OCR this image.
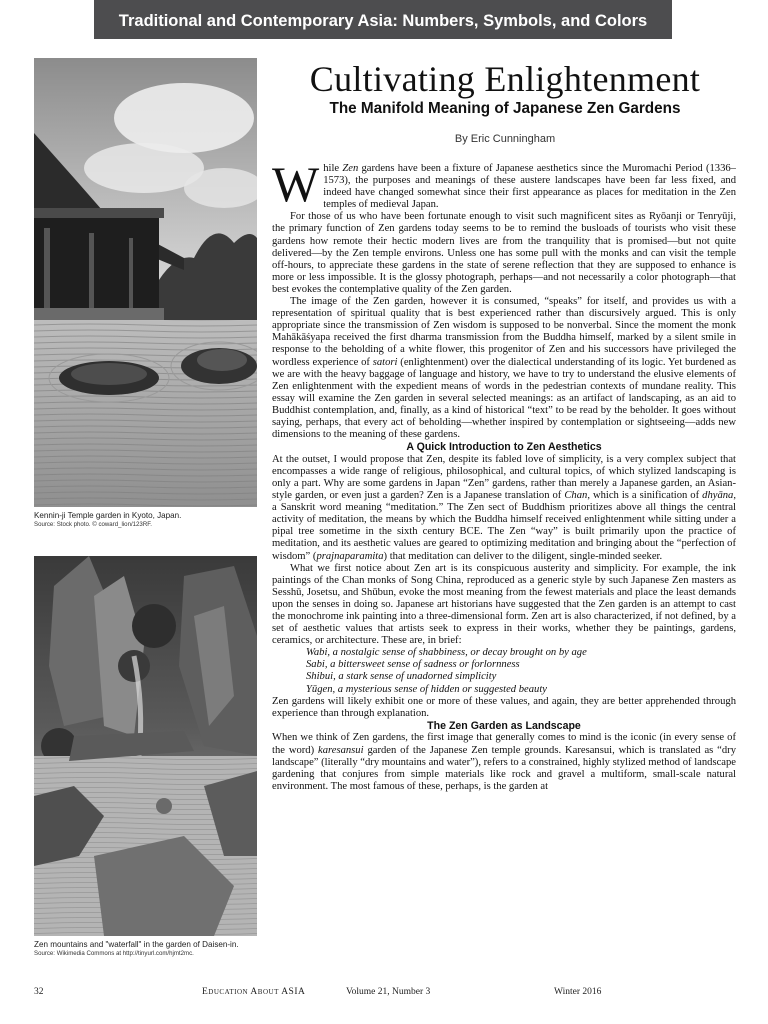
Traditional and Contemporary Asia: Numbers, Symbols, and Colors
Kennin-ji Temple garden in Kyoto, Japan.
Source: Stock photo. © coward_lion/123RF.
Zen mountains and "waterfall" in the garden of Daisen-in.
Source: Wikimedia Commons at http://tinyurl.com/hjmt2mc.
Cultivating Enlightenment
The Manifold Meaning of Japanese Zen Gardens
By Eric Cunningham

While Zen gardens have been a fixture of Japanese aesthetics since the Muromachi Period (1336–1573), the purposes and meanings of these austere landscapes have been far less fixed, and indeed have changed somewhat since their first appearance as places for meditation in the Zen temples of medieval Japan.

For those of us who have been fortunate enough to visit such magnificent sites as Ryōanji or Tenryūji, the primary function of Zen gardens today seems to be to remind the busloads of tourists who visit these gardens how remote their hectic modern lives are from the tranquility that is promised—but not quite delivered—by the Zen temple environs. Unless one has some pull with the monks and can visit the temple off-hours, to appreciate these gardens in the state of serene reflection that they are supposed to enhance is more or less impossible. It is the glossy photograph, perhaps—and not necessarily a color photograph—that best evokes the contemplative quality of the Zen garden.

The image of the Zen garden, however it is consumed, “speaks” for itself, and provides us with a representation of spiritual quality that is best experienced rather than discursively argued. This is only appropriate since the transmission of Zen wisdom is supposed to be nonverbal. Since the moment the monk Mahākāśyapa received the first dharma transmission from the Buddha himself, marked by a silent smile in response to the beholding of a white flower, this progenitor of Zen and his successors have privileged the wordless experience of satori (enlightenment) over the dialectical understanding of its logic. Yet burdened as we are with the heavy baggage of language and history, we have to try to understand the elusive elements of Zen enlightenment with the expedient means of words in the pedestrian contexts of mundane reality. This essay will examine the Zen garden in several selected meanings: as an artifact of landscaping, as an aid to Buddhist contemplation, and, finally, as a kind of historical “text” to be read by the beholder. It goes without saying, perhaps, that every act of beholding—whether inspired by contemplation or sightseeing—adds new dimensions to the meaning of these gardens.

A Quick Introduction to Zen Aesthetics

At the outset, I would propose that Zen, despite its fabled love of simplicity, is a very complex subject that encompasses a wide range of religious, philosophical, and cultural topics, of which stylized landscaping is only a part. Why are some gardens in Japan “Zen” gardens, rather than merely a Japanese garden, an Asian-style garden, or even just a garden? Zen is a Japanese translation of Chan, which is a sinification of dhyāna, a Sanskrit word meaning “meditation.” The Zen sect of Buddhism prioritizes above all things the central activity of meditation, the means by which the Buddha himself received enlightenment while sitting under a pipal tree sometime in the sixth century BCE. The Zen “way” is built primarily upon the practice of meditation, and its aesthetic values are geared to optimizing meditation and bringing about the “perfection of wisdom” (prajnaparamita) that meditation can deliver to the diligent, single-minded seeker.

What we first notice about Zen art is its conspicuous austerity and simplicity. For example, the ink paintings of the Chan monks of Song China, reproduced as a generic style by such Japanese Zen masters as Sesshū, Josetsu, and Shūbun, evoke the most meaning from the fewest materials and place the least demands upon the senses in doing so. Japanese art historians have suggested that the Zen garden is an attempt to cast the monochrome ink painting into a three-dimensional form. Zen art is also characterized, if not defined, by a set of aesthetic values that artists seek to express in their works, whether they be paintings, gardens, ceramics, or architecture. These are, in brief:

Wabi, a nostalgic sense of shabbiness, or decay brought on by age
Sabi, a bittersweet sense of sadness or forlornness
Shibui, a stark sense of unadorned simplicity
Yūgen, a mysterious sense of hidden or suggested beauty

Zen gardens will likely exhibit one or more of these values, and again, they are better apprehended through experience than through explanation.

The Zen Garden as Landscape

When we think of Zen gardens, the first image that generally comes to mind is the iconic (in every sense of the word) karesansui garden of the Japanese Zen temple grounds. Karesansui, which is translated as “dry landscape” (literally “dry mountains and water”), refers to a constrained, highly stylized method of landscape gardening that conjures from simple materials like rock and gravel a multiform, small-scale natural environment. The most famous of these, perhaps, is the garden at

32	Education About ASIA	Volume 21, Number 3	Winter 2016
